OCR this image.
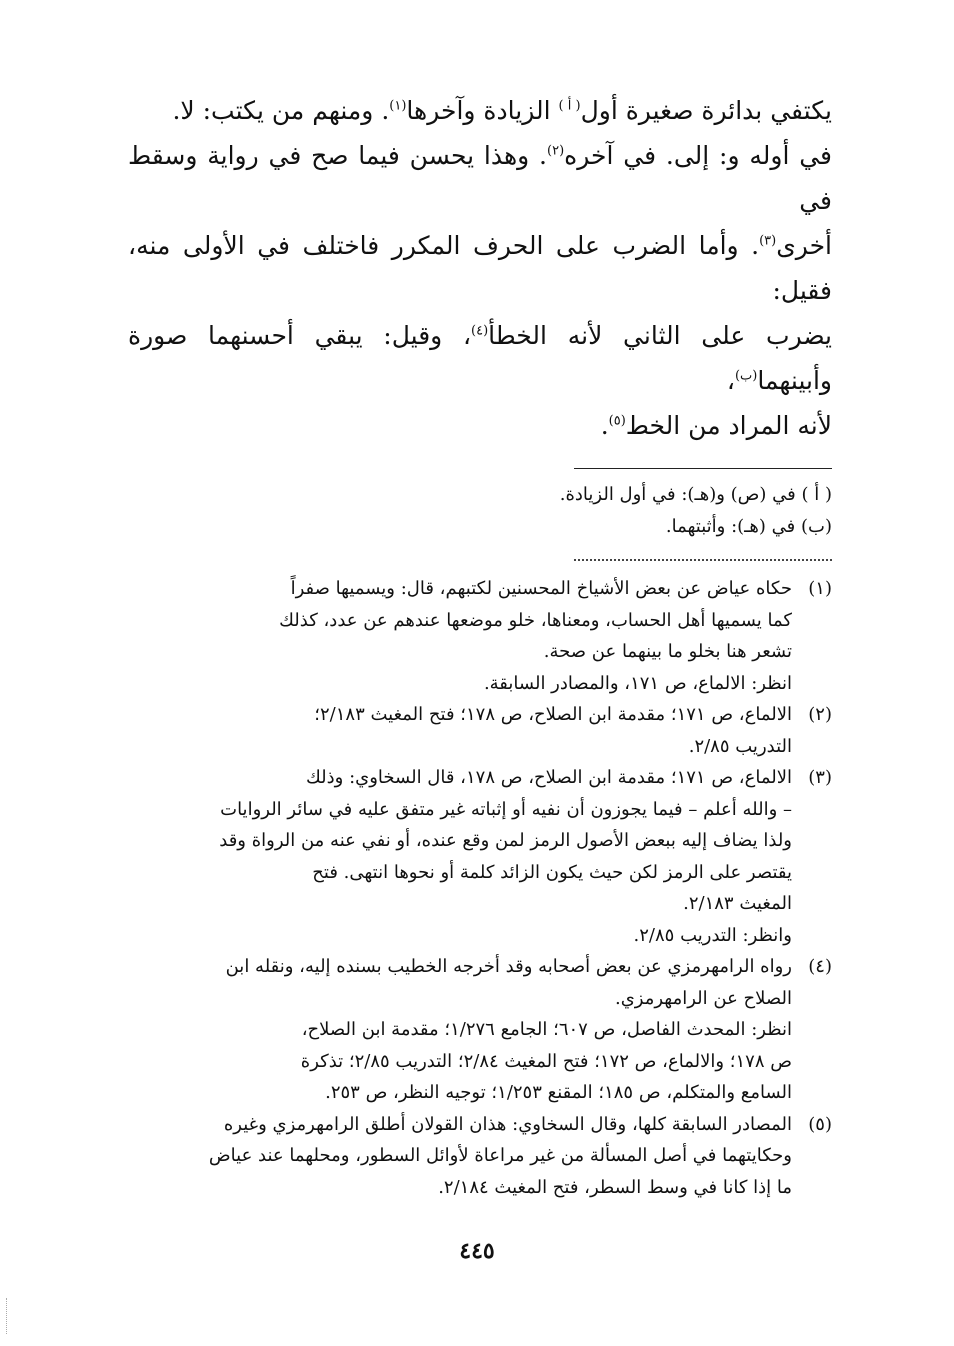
يكتفي بدائرة صغيرة أول$^{( أ )}$ الزيادة وآخرها$^{(١)}$. ومنهم من يكتب: لا.

في أوله و: إلى. في آخره$^{(٢)}$. وهذا يحسن فيما صح في رواية وسقط في

أخرى$^{(٣)}$. وأما الضرب على الحرف المكرر فاختلف في الأولى منه، فقيل:

يضرب على الثاني لأنه الخطأ$^{(٤)}$، وقيل: يبقي أحسنهما صورة وأبينهما$^{(ب)}$،

لأنه المراد من الخط$^{(٥)}$.

( أ ) في (ص) و(هـ): في أول الزيادة.

(ب) في (هـ): وأثبتهما.

(١)

حكاه عياض عن بعض الأشياخ المحسنين لكتبهم، قال: ويسميها صفراً

كما يسميها أهل الحساب، ومعناها، خلو موضعها عندهم عن عدد، كذلك

تشعر هنا بخلو ما بينهما عن صحة.

انظر: الالماع، ص ١٧١، والمصادر السابقة.

(٢)

الالماع، ص ١٧١؛ مقدمة ابن الصلاح، ص ١٧٨؛ فتح المغيث ٢/١٨٣؛

التدريب ٢/٨٥.

(٣)

الالماع، ص ١٧١؛ مقدمة ابن الصلاح، ص ١٧٨، قال السخاوي: وذلك

– والله أعلم – فيما يجوزون أن نفيه أو إثباته غير متفق عليه في سائر الروايات

ولذا يضاف إليه ببعض الأصول الرمز لمن وقع عنده، أو نفي عنه من الرواة وقد

يقتصر على الرمز لكن حيث يكون الزائد كلمة أو نحوها انتهى. فتح

المغيث ٢/١٨٣.

وانظر: التدريب ٢/٨٥.

(٤)

رواه الرامهرمزي عن بعض أصحابه وقد أخرجه الخطيب بسنده إليه، ونقله ابن

الصلاح عن الرامهرمزي.

انظر: المحدث الفاصل، ص ٦٠٧؛ الجامع ١/٢٧٦؛ مقدمة ابن الصلاح،

ص ١٧٨؛ والالماع، ص ١٧٢؛ فتح المغيث ٢/٨٤؛ التدريب ٢/٨٥؛ تذكرة

السامع والمتكلم، ص ١٨٥؛ المقنع ١/٢٥٣؛ توجيه النظر، ص ٢٥٣.

(٥)

المصادر السابقة كلها، وقال السخاوي: هذان القولان أطلق الرامهرمزي وغيره

وحكايتهما في أصل المسألة من غير مراعاة لأوائل السطور، ومحلهما عند عياض

ما إذا كانا في وسط السطر، فتح المغيث ٢/١٨٤.

٤٤٥
